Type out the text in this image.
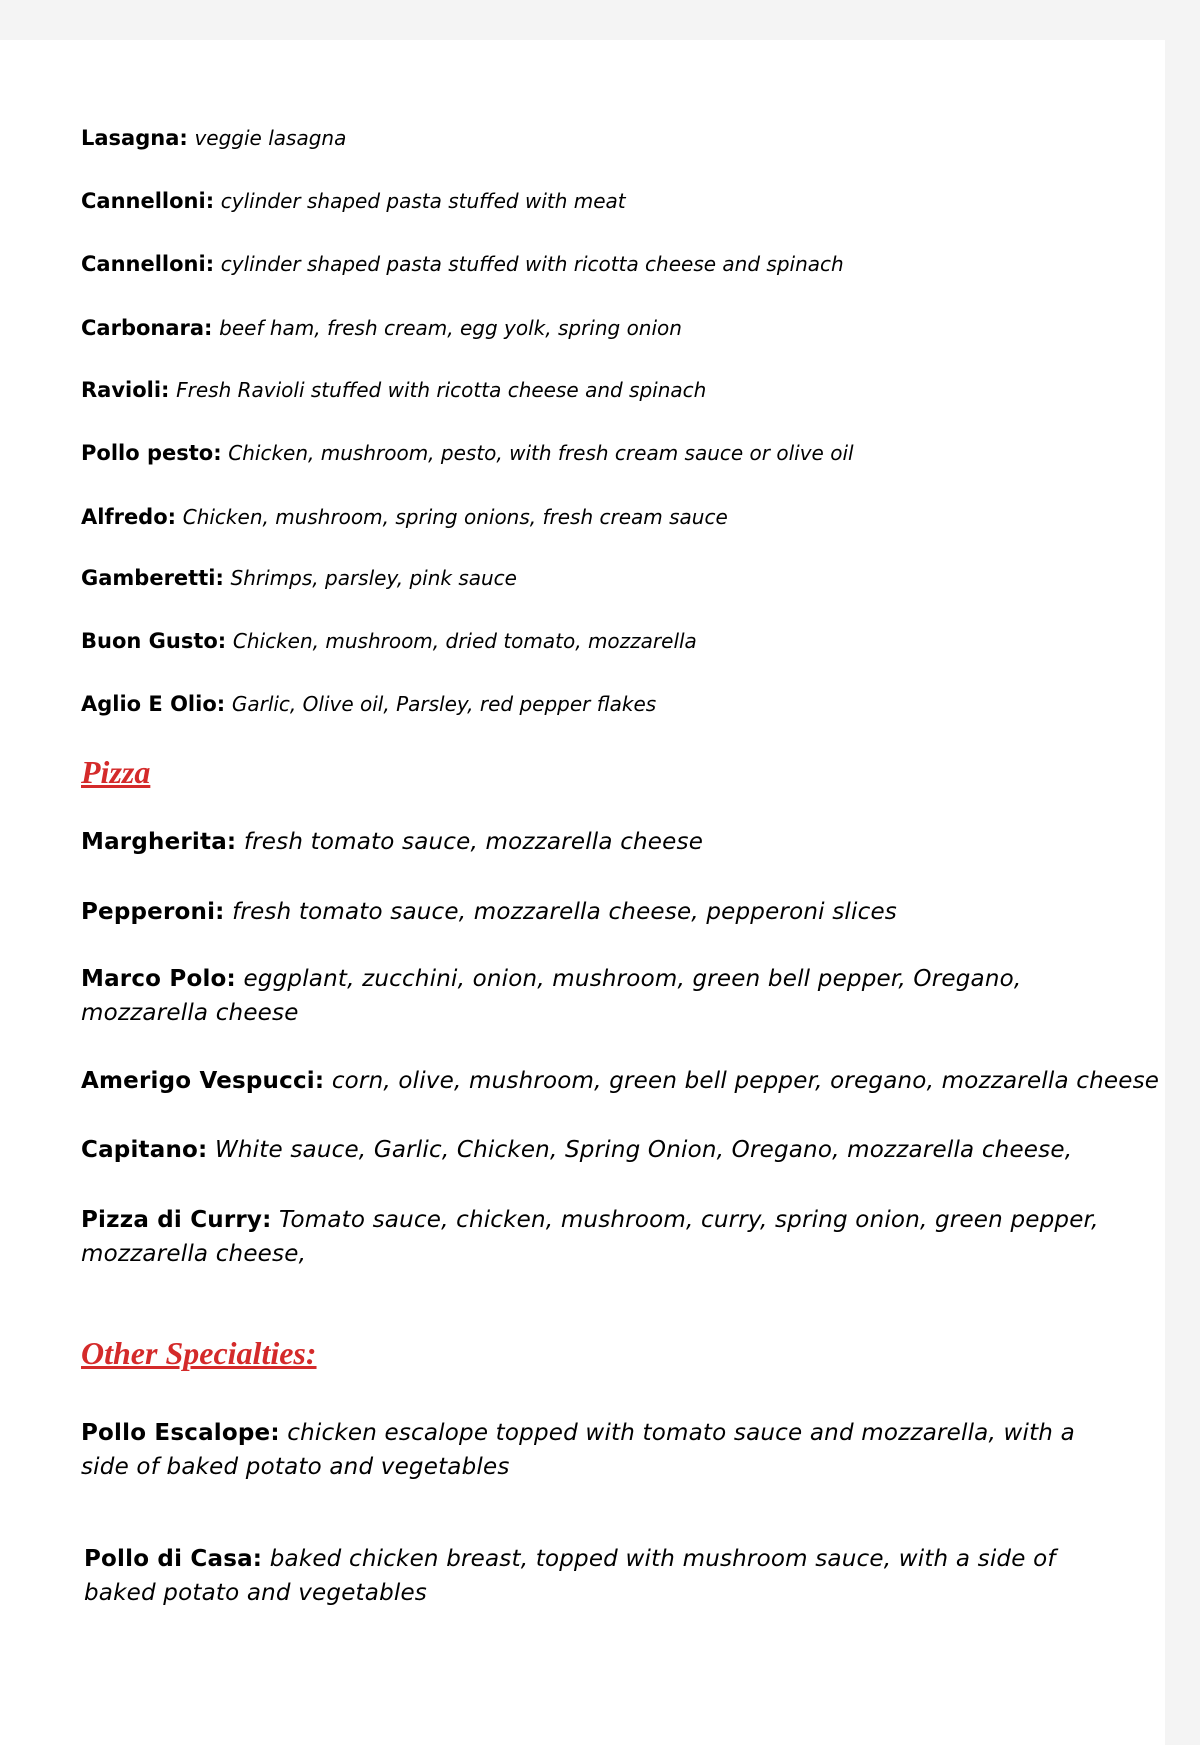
Lasagna: veggie lasagna

Cannelloni: cylinder shaped pasta stuffed with meat

Cannelloni: cylinder shaped pasta stuffed with ricotta cheese and spinach

Carbonara: beef ham, fresh cream, egg yolk, spring onion

Ravioli: Fresh Ravioli stuffed with ricotta cheese and spinach

Pollo pesto: Chicken, mushroom, pesto, with fresh cream sauce or olive oil

Alfredo: Chicken, mushroom, spring onions, fresh cream sauce

Gamberetti: Shrimps, parsley, pink sauce

Buon Gusto: Chicken, mushroom, dried tomato, mozzarella

Aglio E Olio: Garlic, Olive oil, Parsley, red pepper flakes

Pizza

Margherita: fresh tomato sauce, mozzarella cheese

Pepperoni: fresh tomato sauce, mozzarella cheese, pepperoni slices

Marco Polo: eggplant, zucchini, onion, mushroom, green bell pepper, Oregano, mozzarella cheese

Amerigo Vespucci: corn, olive, mushroom, green bell pepper, oregano, mozzarella cheese

Capitano: White sauce, Garlic, Chicken, Spring Onion, Oregano, mozzarella cheese,

Pizza di Curry: Tomato sauce, chicken, mushroom, curry, spring onion, green pepper, mozzarella cheese,

Other Specialties:

Pollo Escalope: chicken escalope topped with tomato sauce and mozzarella, with a side of baked potato and vegetables

Pollo di Casa: baked chicken breast, topped with mushroom sauce, with a side of baked potato and vegetables
